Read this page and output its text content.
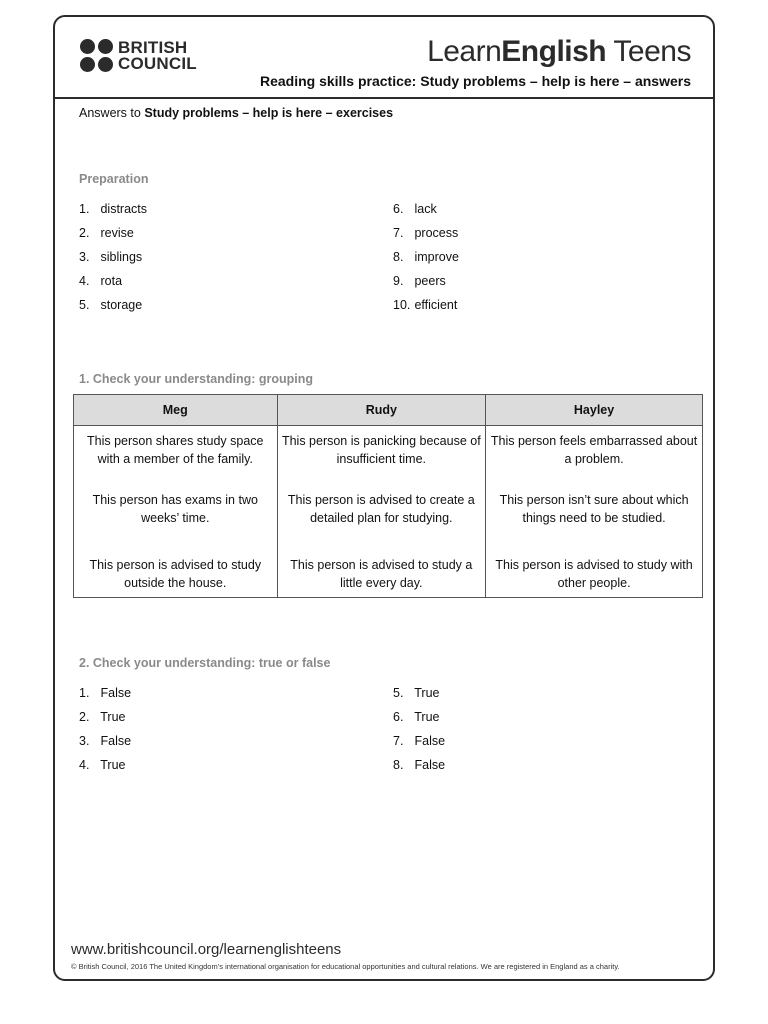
BRITISH
COUNCIL	LearnEnglish Teens
Reading skills practice: Study problems – help is here – answers
Answers to Study problems – help is here – exercises
Preparation
1. distracts
2. revise
3. siblings
4. rota
5. storage
6. lack
7. process
8. improve
9. peers
10. efficient
1. Check your understanding: grouping
Meg	Rudy	Hayley
This person shares study space with a member of the family.	This person is panicking because of insufficient time.	This person feels embarrassed about a problem.
This person has exams in two weeks’ time.	This person is advised to create a detailed plan for studying.	This person isn’t sure about which things need to be studied.
This person is advised to study outside the house.	This person is advised to study a little every day.	This person is advised to study with other people.
2. Check your understanding: true or false
1. False
2. True
3. False
4. True
5. True
6. True
7. False
8. False
www.britishcouncil.org/learnenglishteens
© British Council, 2016 The United Kingdom’s international organisation for educational opportunities and cultural relations. We are registered in England as a charity.
